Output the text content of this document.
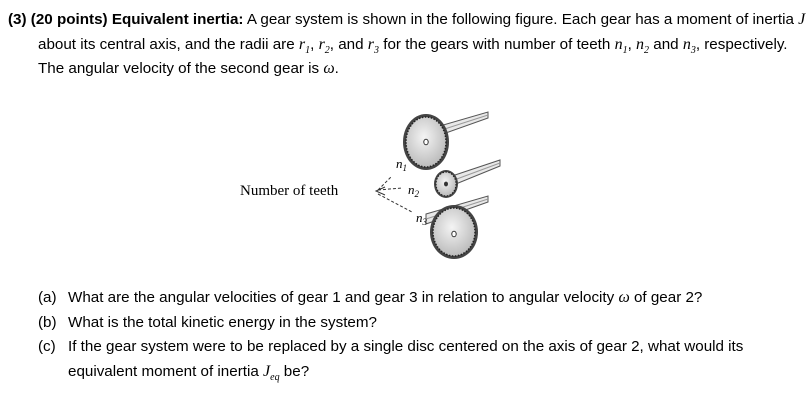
(3) (20 points) Equivalent inertia: A gear system is shown in the following figure. Each gear has a moment of inertia J about its central axis, and the radii are $r_1$, $r_2$, and $r_3$ for the gears with number of teeth $n_1$, $n_2$ and $n_3$, respectively. The angular velocity of the second gear is ω.
Number of teeth
$n_1$
$n_2$
$n_3$
(a) What are the angular velocities of gear 1 and gear 3 in relation to angular velocity ω of gear 2?
(b) What is the total kinetic energy in the system?
(c) If the gear system were to be replaced by a single disc centered on the axis of gear 2, what would its equivalent moment of inertia $J_{eq}$ be?
